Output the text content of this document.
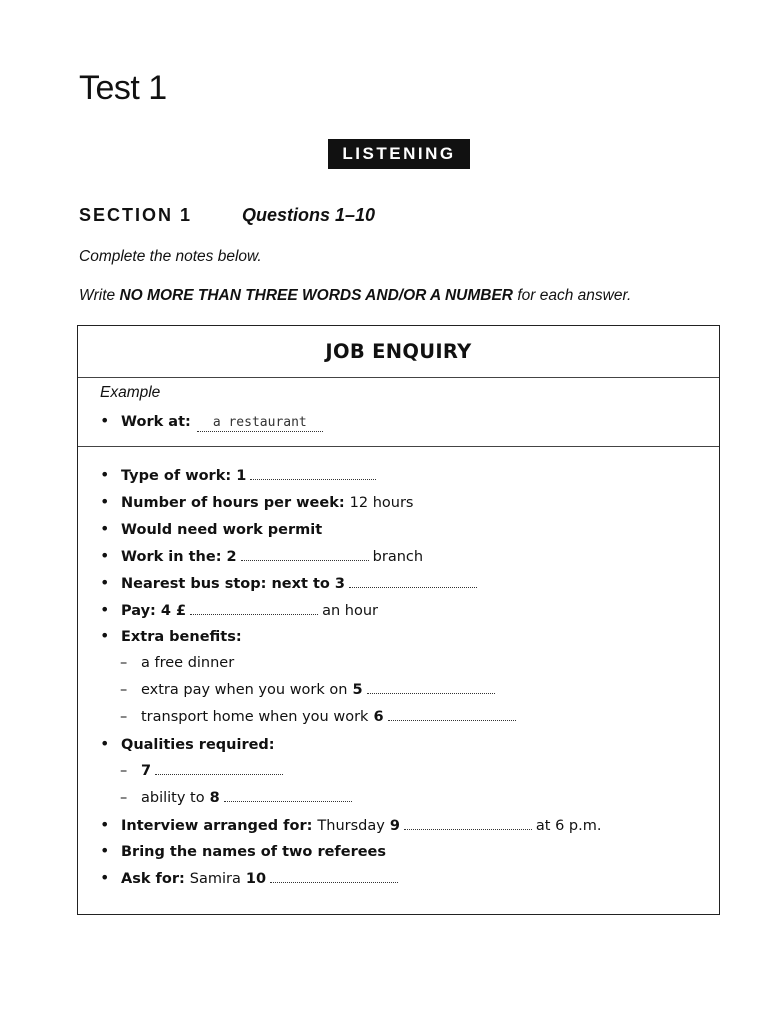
Test 1
LISTENING
SECTION 1	Questions 1–10

Complete the notes below.

Write NO MORE THAN THREE WORDS AND/OR A NUMBER for each answer.

JOB ENQUIRY
Example
• Work at:	a restaurant
• Type of work: 1
• Number of hours per week: 12 hours
• Would need work permit
• Work in the: 2	branch
• Nearest bus stop: next to 3
• Pay: 4 £	an hour
• Extra benefits:
– a free dinner
– extra pay when you work on 5
– transport home when you work 6
• Qualities required:
– 7
– ability to 8
• Interview arranged for: Thursday 9	at 6 p.m.
• Bring the names of two referees
• Ask for: Samira 10
